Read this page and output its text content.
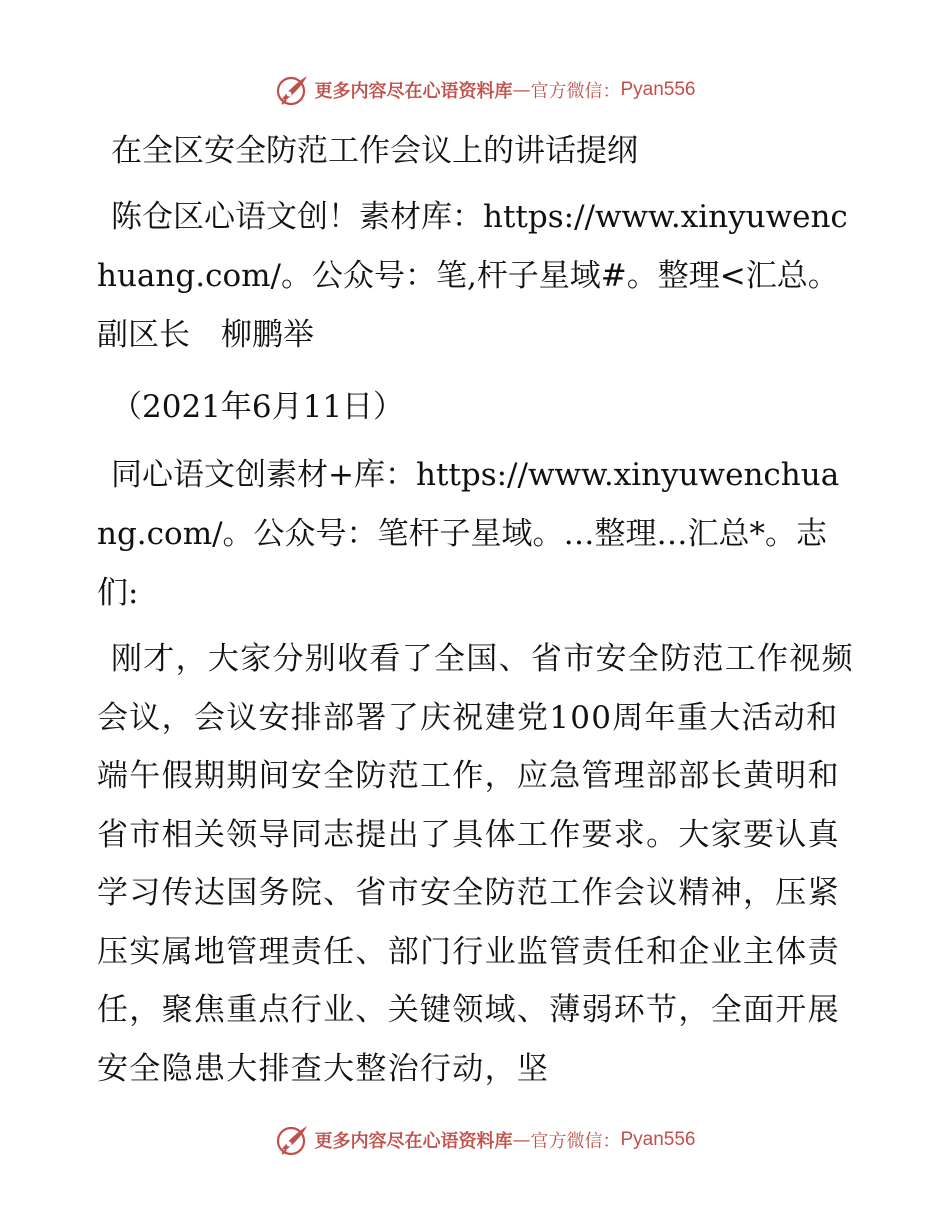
更多内容尽在心语资料库 — 官方微信： Pyan556

在全区安全防范工作会议上的讲话提纲

陈仓区心语文创！素材库：https://www.xinyuwenchuang.com/。公众号：笔,杆子星域#。整理<汇总。副区长　柳鹏举

（2021年6月11日）

同心语文创素材+库：https://www.xinyuwenchuang.com/。公众号：笔杆子星域。…整理…汇总*。志们:

刚才，大家分别收看了全国、省市安全防范工作视频会议，会议安排部署了庆祝建党100周年重大活动和端午假期期间安全防范工作，应急管理部部长黄明和省市相关领导同志提出了具体工作要求。大家要认真学习传达国务院、省市安全防范工作会议精神，压紧压实属地管理责任、部门行业监管责任和企业主体责任，聚焦重点行业、关键领域、薄弱环节，全面开展安全隐患大排查大整治行动，坚

更多内容尽在心语资料库 — 官方微信： Pyan556
